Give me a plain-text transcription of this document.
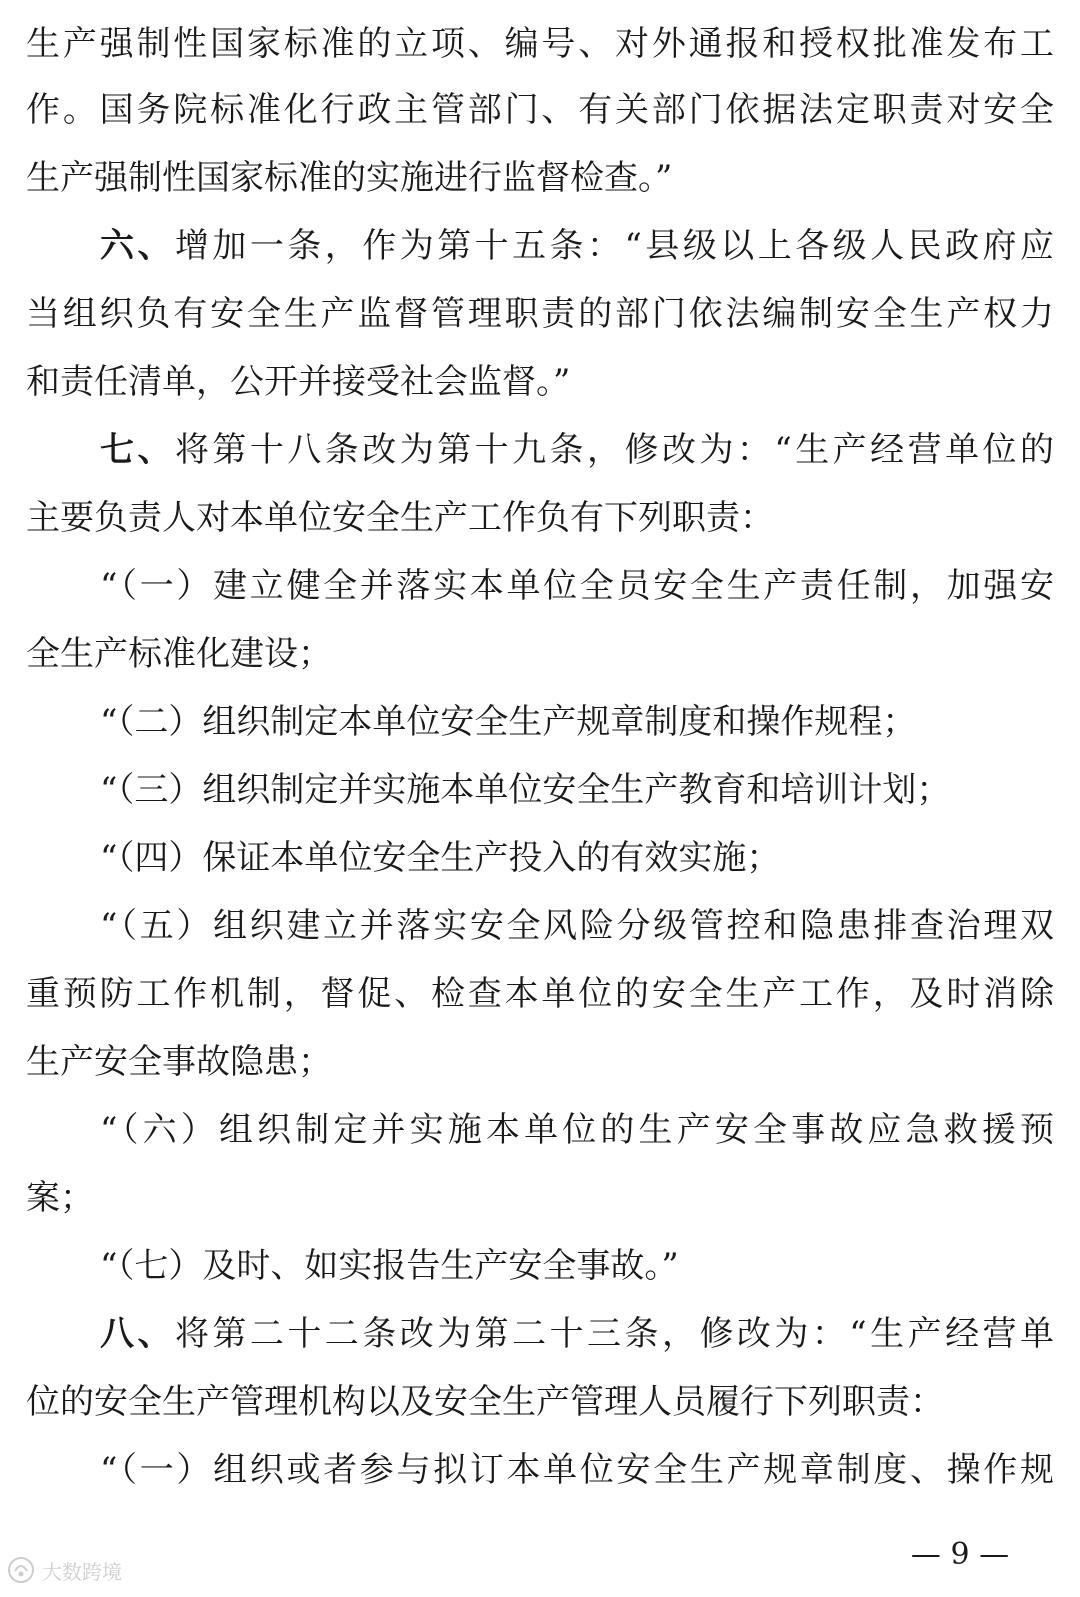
生产强制性国家标准的立项、编号、对外通报和授权批准发布工
作。国务院标准化行政主管部门、有关部门依据法定职责对安全
生产强制性国家标准的实施进行监督检查。”
六、增加一条，作为第十五条：“县级以上各级人民政府应
当组织负有安全生产监督管理职责的部门依法编制安全生产权力
和责任清单，公开并接受社会监督。”
七、将第十八条改为第十九条，修改为：“生产经营单位的
主要负责人对本单位安全生产工作负有下列职责：
“（一）建立健全并落实本单位全员安全生产责任制，加强安
全生产标准化建设；
“（二）组织制定本单位安全生产规章制度和操作规程；
“（三）组织制定并实施本单位安全生产教育和培训计划；
“（四）保证本单位安全生产投入的有效实施；
“（五）组织建立并落实安全风险分级管控和隐患排查治理双
重预防工作机制，督促、检查本单位的安全生产工作，及时消除
生产安全事故隐患；
“（六）组织制定并实施本单位的生产安全事故应急救援预
案；
“（七）及时、如实报告生产安全事故。”
八、将第二十二条改为第二十三条，修改为：“生产经营单
位的安全生产管理机构以及安全生产管理人员履行下列职责：
“（一）组织或者参与拟订本单位安全生产规章制度、操作规
— 9 —
大数跨境
